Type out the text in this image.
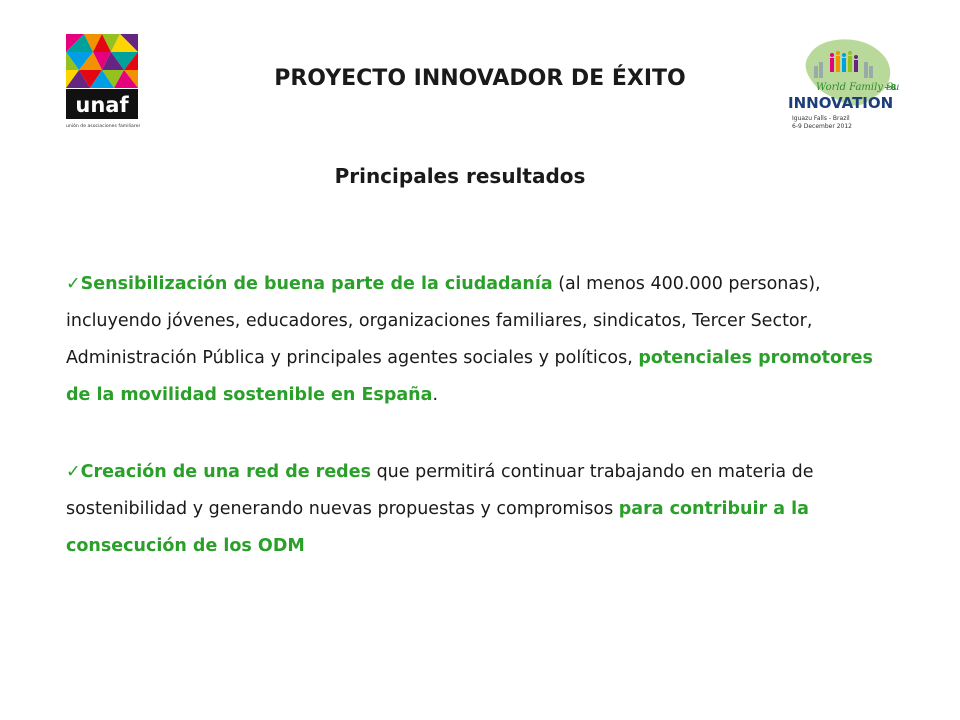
unaf
unión de asociaciones familiares
PROYECTO INNOVADOR DE ÉXITO	World Family Su
+8
INNOVATION
Iguazu Falls - Brazil
6-9 December 2012
Principales resultados

✓Sensibilización de buena parte de la ciudadanía (al menos 400.000 personas), incluyendo jóvenes, educadores, organizaciones familiares, sindicatos, Tercer Sector, Administración Pública y principales agentes sociales y políticos, potenciales promotores de la movilidad sostenible en España.

✓Creación de una red de redes que permitirá continuar trabajando en materia de sostenibilidad y generando nuevas propuestas y compromisos para contribuir a la consecución de los ODM
